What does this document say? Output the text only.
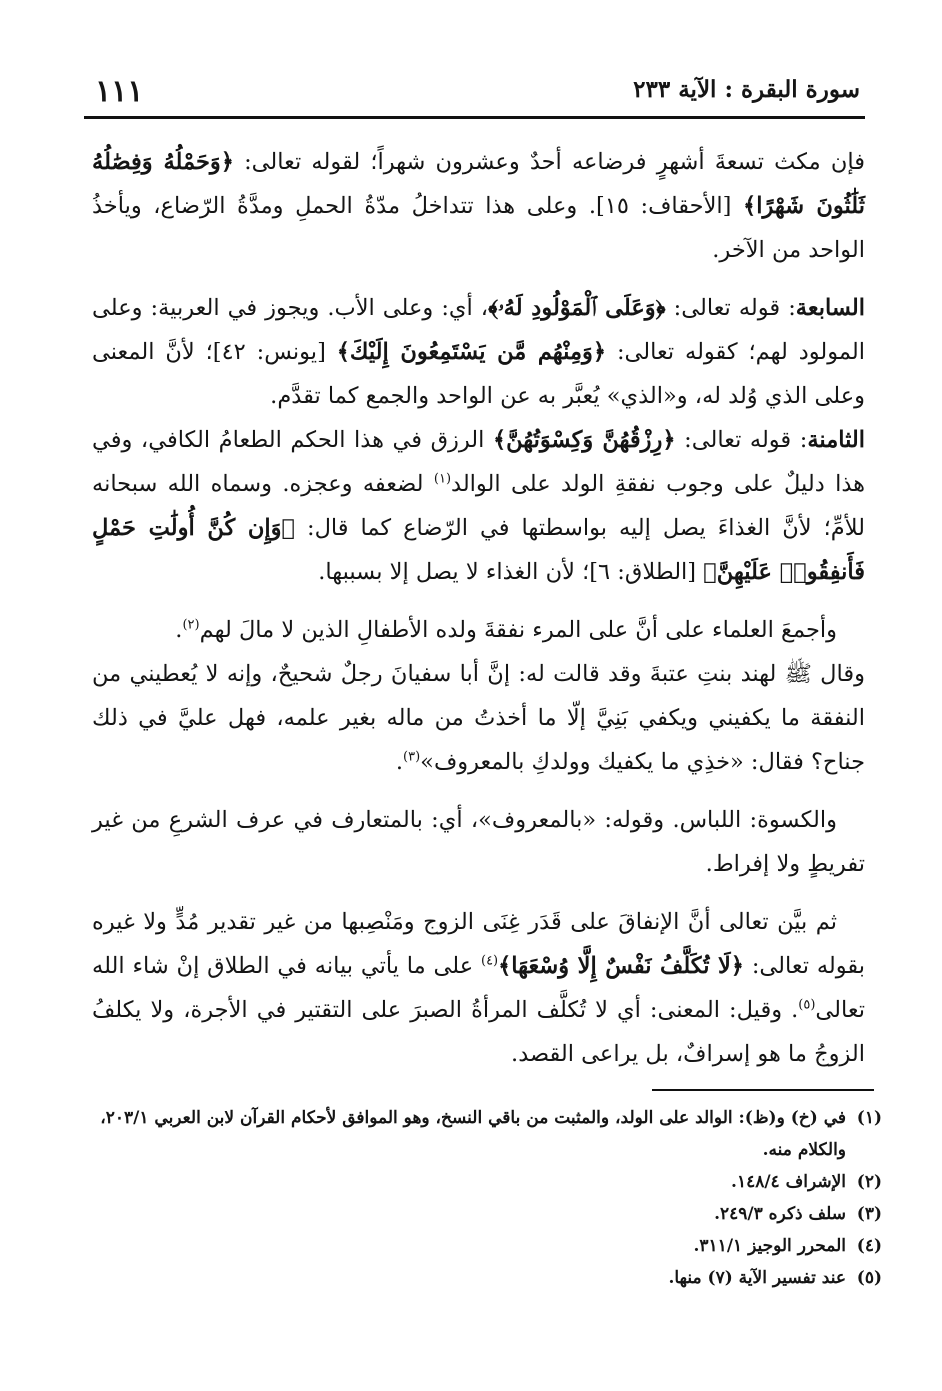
١١١	سورة البقرة : الآية ٢٣٣

فإن مكث تسعةَ أشهرٍ فرضاعه أحدٌ وعشرون شهراً؛ لقوله تعالى: ﴿وَحَمْلُهُ وَفِصَٰلُهُ ثَلَٰثُونَ شَهْرًا﴾ [الأحقاف: ١٥]. وعلى هذا تتداخلُ مدّةُ الحملِ ومدَّةُ الرّضاع، ويأخذُ الواحد من الآخر.

السابعة: قوله تعالى: ﴿وَعَلَى ٱلْمَوْلُودِ لَهُۥ﴾، أي: وعلى الأب. ويجوز في العربية: وعلى المولود لهم؛ كقوله تعالى: ﴿وَمِنْهُم مَّن يَسْتَمِعُونَ إِلَيْكَ﴾ [يونس: ٤٢]؛ لأنَّ المعنى وعلى الذي وُلد له، و«الذي» يُعبَّر به عن الواحد والجمع كما تقدَّم.

الثامنة: قوله تعالى: ﴿رِزْقُهُنَّ وَكِسْوَتُهُنَّ﴾ الرزق في هذا الحكم الطعامُ الكافي، وفي هذا دليلٌ على وجوب نفقةِ الولد على الوالد$^{(١)}$ لضعفه وعجزه. وسماه الله سبحانه للأمِّ؛ لأنَّ الغذاءَ يصل إليه بواسطتها في الرّضاع كما قال: ﴿وَإِن كُنَّ أُولَٰتِ حَمْلٍ فَأَنفِقُوا۟ عَلَيْهِنَّ﴾ [الطلاق: ٦]؛ لأن الغذاء لا يصل إلا بسببها.

وأجمعَ العلماء على أنَّ على المرء نفقةَ ولده الأطفالِ الذين لا مالَ لهم$^{(٢)}$.

وقال ﷺ لهند بنتِ عتبةَ وقد قالت له: إنَّ أبا سفيانَ رجلٌ شحيحٌ، وإنه لا يُعطيني من النفقة ما يكفيني ويكفي بَنِيَّ إلّا ما أخذتُ من ماله بغير علمه، فهل عليَّ في ذلك جناح؟ فقال: «خذِي ما يكفيك وولدكِ بالمعروف»$^{(٣)}$.

والكسوة: اللباس. وقوله: «بالمعروف»، أي: بالمتعارف في عرف الشرعِ من غير تفريطٍ ولا إفراط.

ثم بيَّن تعالى أنَّ الإنفاقَ على قَدَر غِنَى الزوج ومَنْصِبها من غير تقدير مُدٍّ ولا غيره بقوله تعالى: ﴿لَا تُكَلَّفُ نَفْسٌ إِلَّا وُسْعَهَا﴾$^{(٤)}$ على ما يأتي بيانه في الطلاق إنْ شاء الله تعالى$^{(٥)}$. وقيل: المعنى: أي لا تُكلَّف المرأةُ الصبرَ على التقتير في الأجرة، ولا يكلفُ الزوجُ ما هو إسرافٌ، بل يراعى القصد.

(١)
في (خ) و(ظ): الوالد على الولد، والمثبت من باقي النسخ، وهو الموافق لأحكام القرآن لابن العربي ٢٠٣/١، والكلام منه.
(٢)
الإشراف ١٤٨/٤.
(٣)
سلف ذكره ٢٤٩/٣.
(٤)
المحرر الوجيز ٣١١/١.
(٥)
عند تفسير الآية (٧) منها.
